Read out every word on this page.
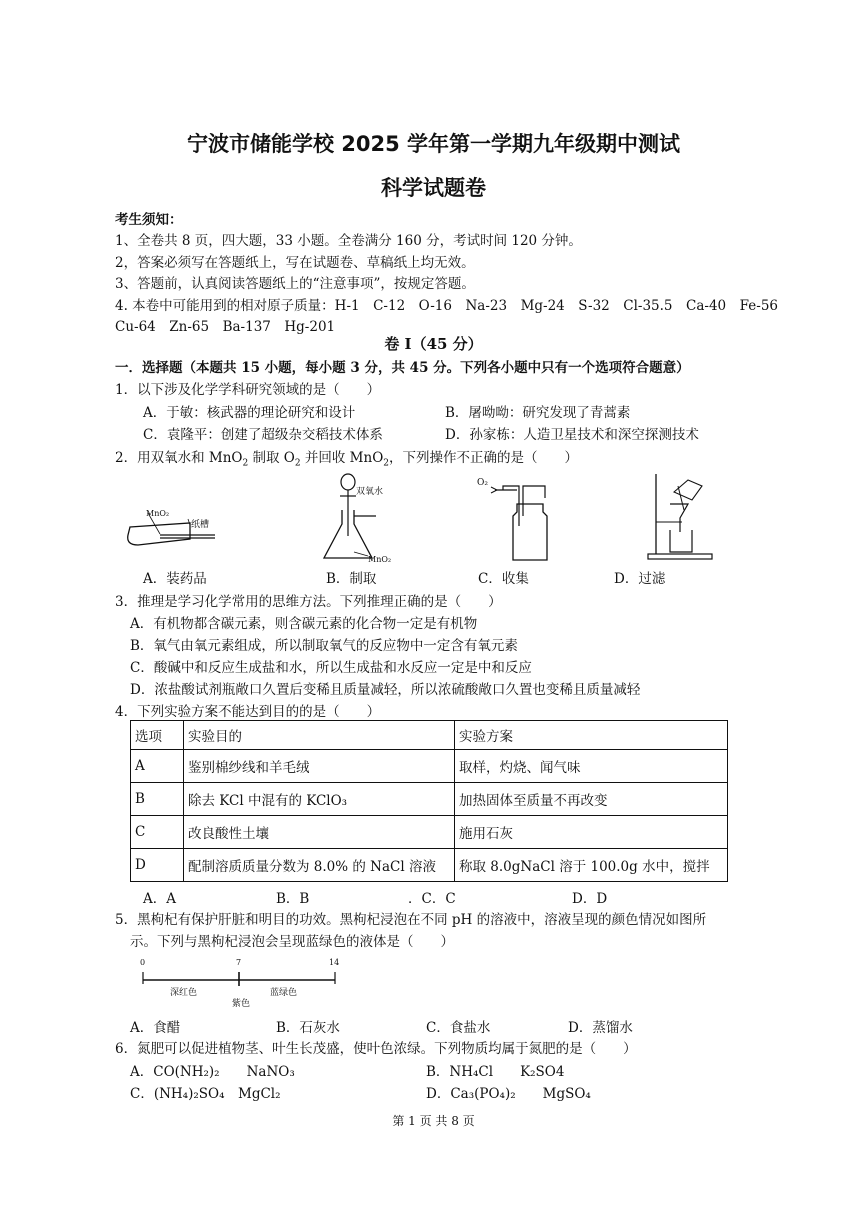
宁波市储能学校 2025 学年第一学期九年级期中测试
科学试题卷
考生须知：
1、全卷共 8 页，四大题，33 小题。全卷满分 160 分，考试时间 120 分钟。
2，答案必须写在答题纸上，写在试题卷、草稿纸上均无效。
3、答题前，认真阅读答题纸上的“注意事项”，按规定答题。
4. 本卷中可能用到的相对原子质量：H-1　C-12　O-16　Na-23　Mg-24　S-32　Cl-35.5　Ca-40　Fe-56
Cu-64　Zn-65　Ba-137　Hg-201
卷 I（45 分）
一．选择题（本题共 15 小题，每小题 3 分，共 45 分。下列各小题中只有一个选项符合题意）
1．以下涉及化学学科研究领域的是（　　）
A．于敏：核武器的理论研究和设计	B．屠呦呦：研究发现了青蒿素
C．袁隆平：创建了超级杂交稻技术体系	D．孙家栋：人造卫星技术和深空探测技术
2．用双氧水和 MnO$_2$ 制取 $O_2$ 并回收 MnO$_2$，下列操作不正确的是（　　）
MnO₂
纸槽
双氧水
MnO₂
O₂
A．装药品	B．制取	C．收集	D．过滤
3．推理是学习化学常用的思维方法。下列推理正确的是（　　）
A．有机物都含碳元素，则含碳元素的化合物一定是有机物
B．氧气由氧元素组成，所以制取氧气的反应物中一定含有氧元素
C．酸碱中和反应生成盐和水，所以生成盐和水反应一定是中和反应
D．浓盐酸试剂瓶敞口久置后变稀且质量减轻，所以浓硫酸敞口久置也变稀且质量减轻
4．下列实验方案不能达到目的的是（　　）
选项	实验目的	实验方案
A	鉴别棉纱线和羊毛绒	取样，灼烧、闻气味
B	除去 KCl 中混有的 KClO₃	加热固体至质量不再改变
C	改良酸性土壤	施用石灰
D	配制溶质质量分数为 8.0% 的 NaCl 溶液	称取 8.0gNaCl 溶于 100.0g 水中，搅拌
A．A	B．B	．C．C	D．D
5．黑枸杞有保护肝脏和明目的功效。黑枸杞浸泡在不同 pH 的溶液中，溶液呈现的颜色情况如图所
示。下列与黑枸杞浸泡会呈现蓝绿色的液体是（　　）
0	7	14
深红色
紫色
蓝绿色
A．食醋	B．石灰水	C．食盐水	D．蒸馏水
6．氮肥可以促进植物茎、叶生长茂盛，使叶色浓绿。下列物质均属于氮肥的是（　　）
A．CO(NH₂)₂　　NaNO₃	B．NH₄Cl　　K₂SO4
C．(NH₄)₂SO₄　MgCl₂	D．Ca₃(PO₄)₂　　MgSO₄
第 1 页 共 8 页
